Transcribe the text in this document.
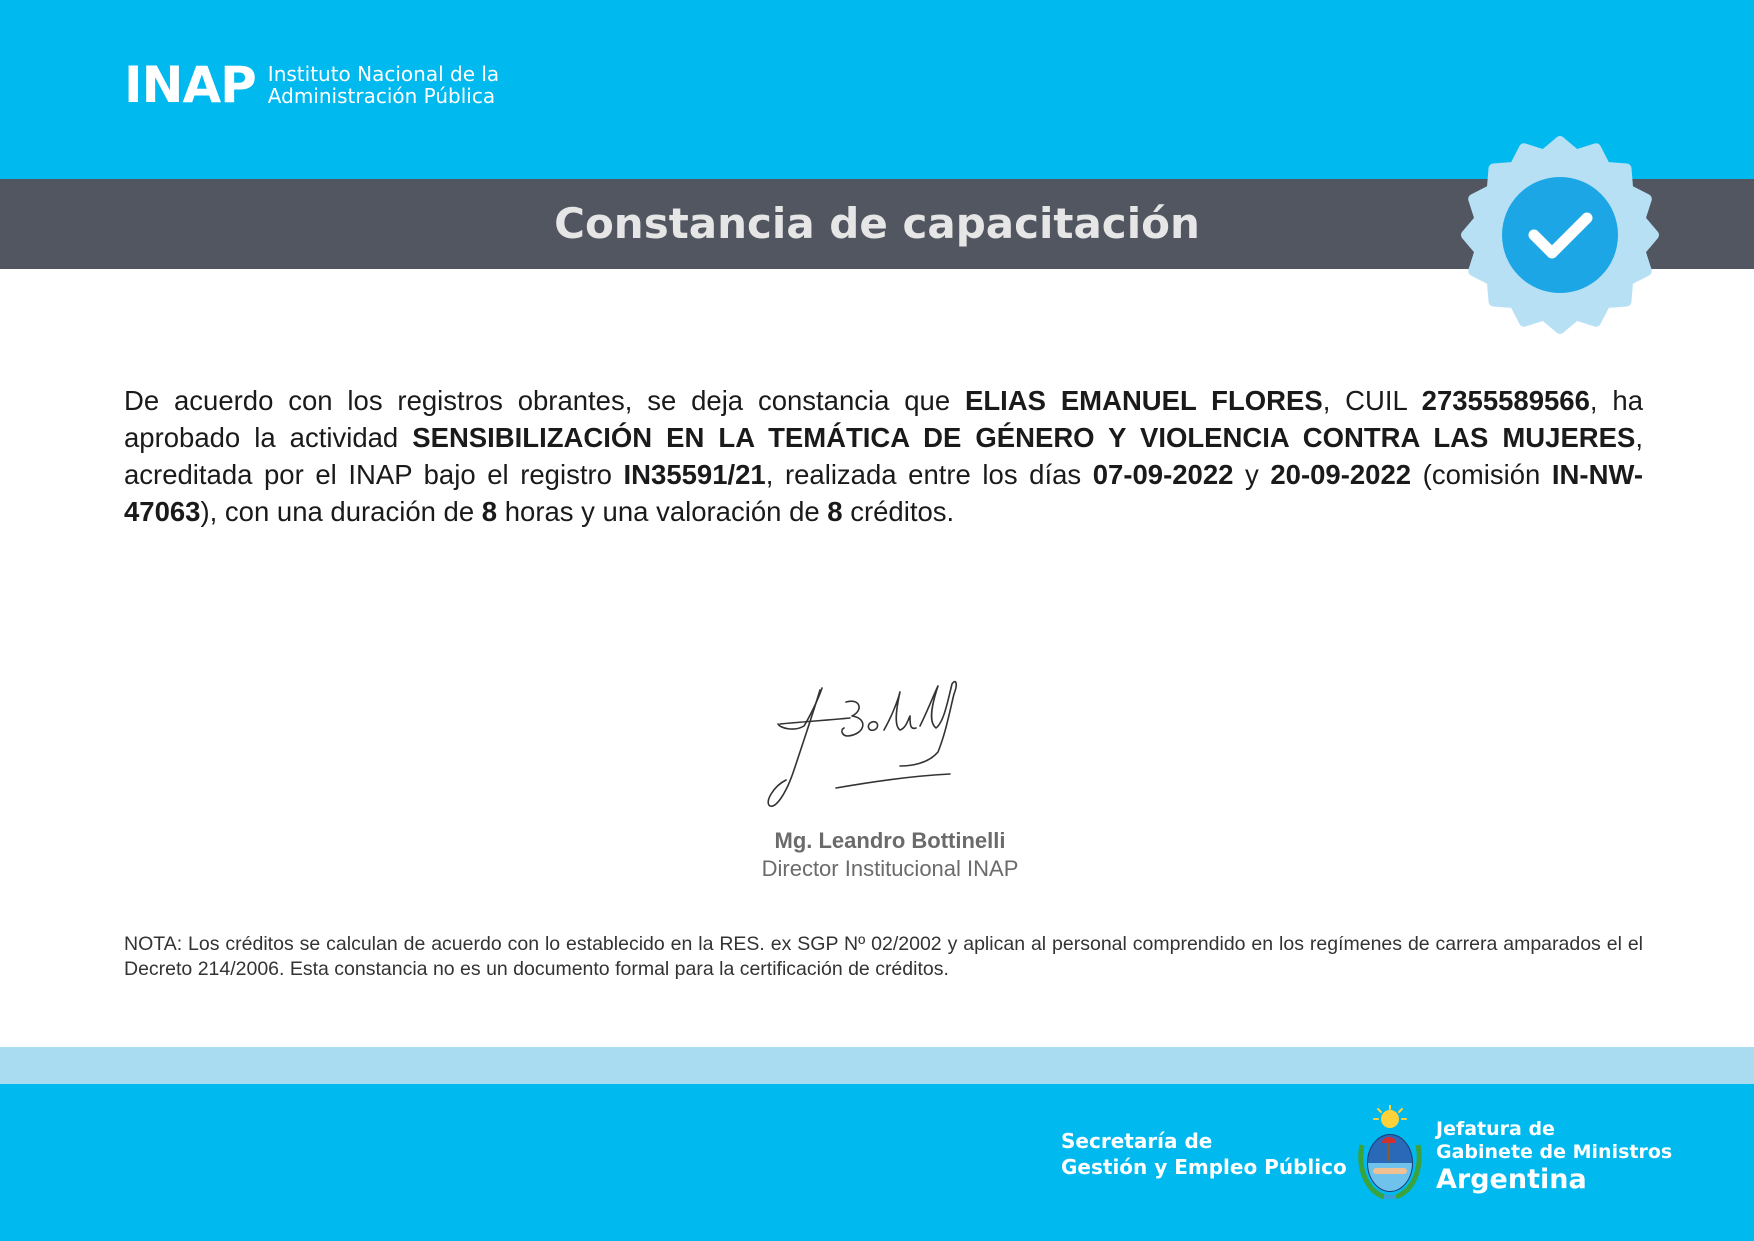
INAP Instituto Nacional de la
Administración Pública
Constancia de capacitación

De acuerdo con los registros obrantes, se deja constancia que ELIAS EMANUEL FLORES, CUIL 27355589566, ha aprobado la actividad SENSIBILIZACIÓN EN LA TEMÁTICA DE GÉNERO Y VIOLENCIA CONTRA LAS MUJERES, acreditada por el INAP bajo el registro IN35591/21, realizada entre los días 07-09-2022 y 20-09-2022 (comisión IN-NW-47063), con una duración de 8 horas y una valoración de 8 créditos.

Mg. Leandro Bottinelli
Director Institucional INAP

NOTA: Los créditos se calculan de acuerdo con lo establecido en la RES. ex SGP Nº 02/2002 y aplican al personal comprendido en los regímenes de carrera amparados el el Decreto 214/2006. Esta constancia no es un documento formal para la certificación de créditos.

Secretaría de
Gestión y Empleo Público
Jefatura de
Gabinete de Ministros
Argentina
